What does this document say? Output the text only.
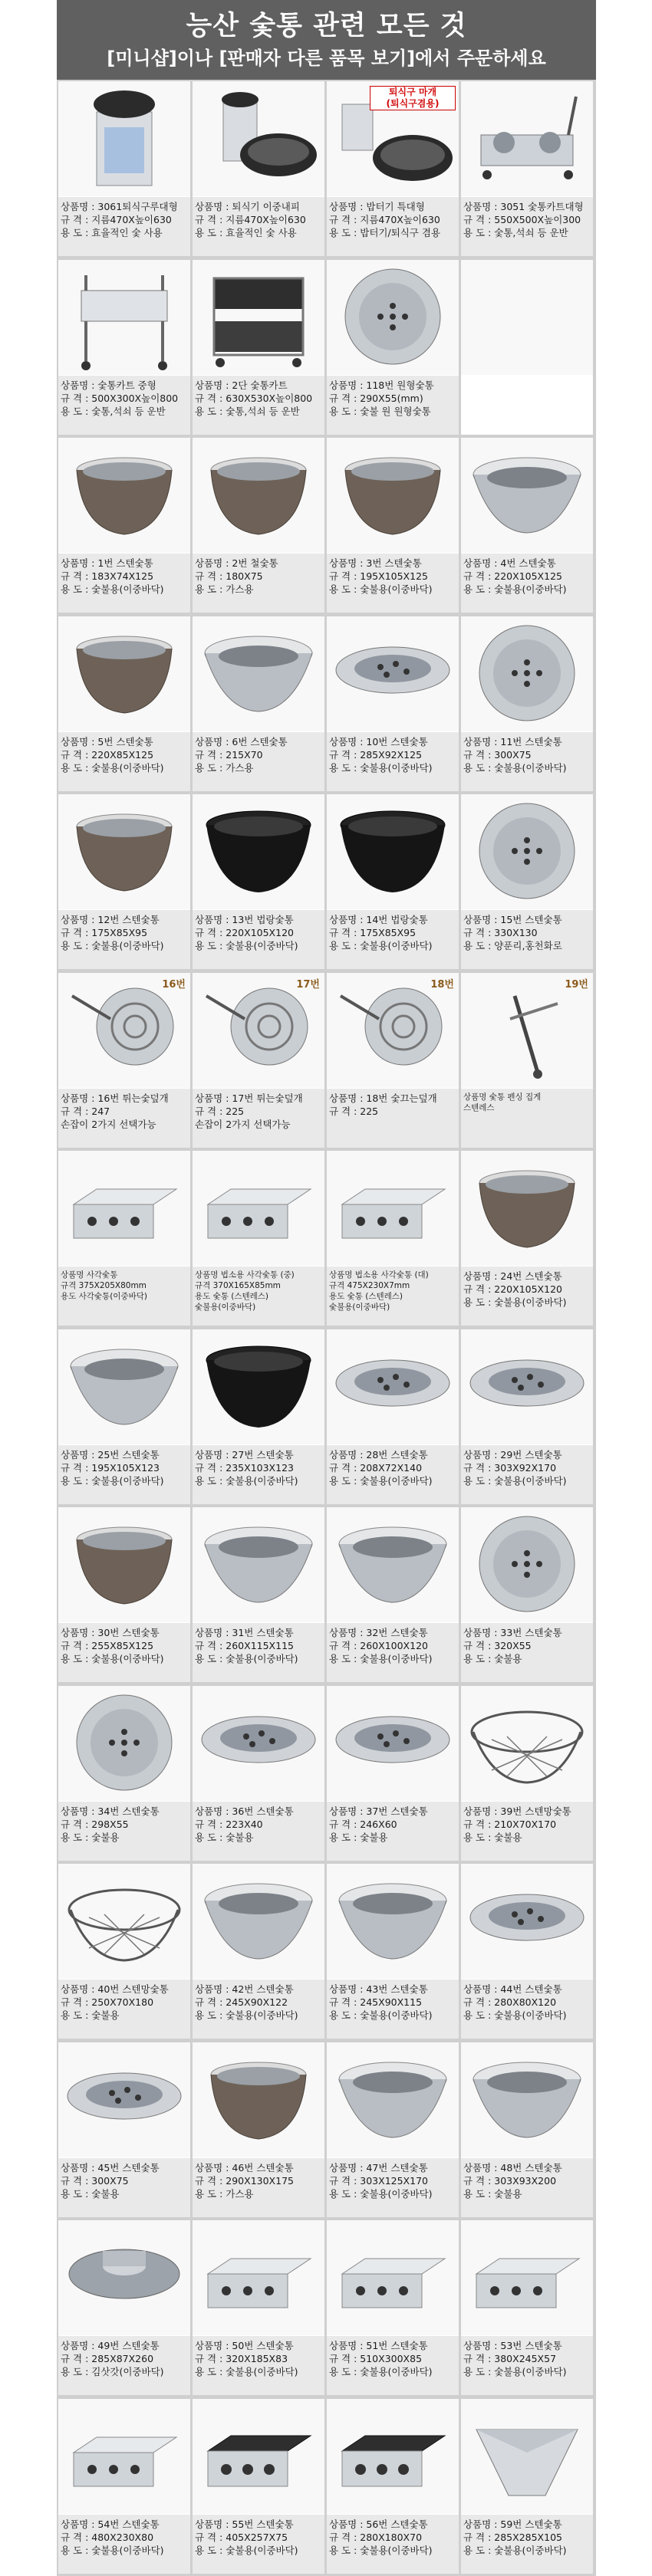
능산 숯통 관련 모든 것
[미니샵]이나 [판매자 다른 품목 보기]에서 주문하세요
상품명 : 3061퇴식구루대형
규 격 : 지름470X높이630
용 도 : 효율적인 숯 사용
상품명 : 퇴식기 이중내피
규 격 : 지름470X높이630
용 도 : 효율적인 숯 사용
퇴식구 마개
(퇴식구겸용)
상품명 : 밥터기 특대형
규 격 : 지름470X높이630
용 도 : 밥터기/퇴식구 겸용
상품명 : 3051 숯통카트대형
규 격 : 550X500X높이300
용 도 : 숯통,석쇠 등 운반
상품명 : 숯통카트 중형
규 격 : 500X300X높이800
용 도 : 숯통,석쇠 등 운반
상품명 : 2단 숯통카트
규 격 : 630X530X높이800
용 도 : 숯통,석쇠 등 운반
상품명 : 118번 원형숯통
규 격 : 290X55(mm)
용 도 : 숯불 원 원형숯통
상품명 : 1번 스텐숯통
규 격 : 183X74X125
용 도 : 숯불용(이중바닥)
상품명 : 2번 철숯통
규 격 : 180X75
용 도 : 가스용
상품명 : 3번 스텐숯통
규 격 : 195X105X125
용 도 : 숯불용(이중바닥)
상품명 : 4번 스텐숯통
규 격 : 220X105X125
용 도 : 숯불용(이중바닥)
상품명 : 5번 스텐숯통
규 격 : 220X85X125
용 도 : 숯불용(이중바닥)
상품명 : 6번 스텐숯통
규 격 : 215X70
용 도 : 가스용
상품명 : 10번 스텐숯통
규 격 : 285X92X125
용 도 : 숯불용(이중바닥)
상품명 : 11번 스텐숯통
규 격 : 300X75
용 도 : 숯불용(이중바닥)
상품명 : 12번 스텐숯통
규 격 : 175X85X95
용 도 : 숯불용(이중바닥)
상품명 : 13번 법랑숯통
규 격 : 220X105X120
용 도 : 숯불용(이중바닥)
상품명 : 14번 법랑숯통
규 격 : 175X85X95
용 도 : 숯불용(이중바닥)
상품명 : 15번 스텐숯통
규 격 : 330X130
용 도 : 양푼리,홍천화로
16번
상품명 : 16번 튀는숯덮개
규 격 : 247
손잡이 2가지 선택가능
17번
상품명 : 17번 튀는숯덮개
규 격 : 225
손잡이 2가지 선택가능
18번
상품명 : 18번 숯끄는덮개
규 격 : 225
19번
상품명 숯통 펜싱 집게
스텐레스
상품명 사각숯통
규격 375X205X80mm
용도 사각숯통(이중바닥)
상품명 법소용 사각숯통 (중)
규격 370X165X85mm
용도 숯통 (스텐레스)
숯불용(이중바닥)
상품명 법소용 사각숯통 (대)
규격 475X230X7mm
용도 숯통 (스텐레스)
숯불용(이중바닥)
상품명 : 24번 스텐숯통
규 격 : 220X105X120
용 도 : 숯불용(이중바닥)
상품명 : 25번 스텐숯통
규 격 : 195X105X123
용 도 : 숯불용(이중바닥)
상품명 : 27번 스텐숯통
규 격 : 235X103X123
용 도 : 숯불용(이중바닥)
상품명 : 28번 스텐숯통
규 격 : 208X72X140
용 도 : 숯불용(이중바닥)
상품명 : 29번 스텐숯통
규 격 : 303X92X170
용 도 : 숯불용(이중바닥)
상품명 : 30번 스텐숯통
규 격 : 255X85X125
용 도 : 숯불용(이중바닥)
상품명 : 31번 스텐숯통
규 격 : 260X115X115
용 도 : 숯불용(이중바닥)
상품명 : 32번 스텐숯통
규 격 : 260X100X120
용 도 : 숯불용(이중바닥)
상품명 : 33번 스텐숯통
규 격 : 320X55
용 도 : 숯불용
상품명 : 34번 스텐숯통
규 격 : 298X55
용 도 : 숯불용
상품명 : 36번 스텐숯통
규 격 : 223X40
용 도 : 숯불용
상품명 : 37번 스텐숯통
규 격 : 246X60
용 도 : 숯불용
상품명 : 39번 스텐망숯통
규 격 : 210X70X170
용 도 : 숯불용
상품명 : 40번 스텐망숯통
규 격 : 250X70X180
용 도 : 숯불용
상품명 : 42번 스텐숯통
규 격 : 245X90X122
용 도 : 숯불용(이중바닥)
상품명 : 43번 스텐숯통
규 격 : 245X90X115
용 도 : 숯불용(이중바닥)
상품명 : 44번 스텐숯통
규 격 : 280X80X120
용 도 : 숯불용(이중바닥)
상품명 : 45번 스텐숯통
규 격 : 300X75
용 도 : 숯불용
상품명 : 46번 스텐숯통
규 격 : 290X130X175
용 도 : 가스용
상품명 : 47번 스텐숯통
규 격 : 303X125X170
용 도 : 숯불용(이중바닥)
상품명 : 48번 스텐숯통
규 격 : 303X93X200
용 도 : 숯불용
상품명 : 49번 스텐숯통
규 격 : 285X87X260
용 도 : 김삿갓(이중바닥)
상품명 : 50번 스텐숯통
규 격 : 320X185X83
용 도 : 숯불용(이중바닥)
상품명 : 51번 스텐숯통
규 격 : 510X300X85
용 도 : 숯불용(이중바닥)
상품명 : 53번 스텐숯통
규 격 : 380X245X57
용 도 : 숯불용(이중바닥)
상품명 : 54번 스텐숯통
규 격 : 480X230X80
용 도 : 숯불용(이중바닥)
상품명 : 55번 스텐숯통
규 격 : 405X257X75
용 도 : 숯불용(이중바닥)
상품명 : 56번 스텐숯통
규 격 : 280X180X70
용 도 : 숯불용(이중바닥)
상품명 : 59번 스텐숯통
규 격 : 285X285X105
용 도 : 숯불용(이중바닥)
